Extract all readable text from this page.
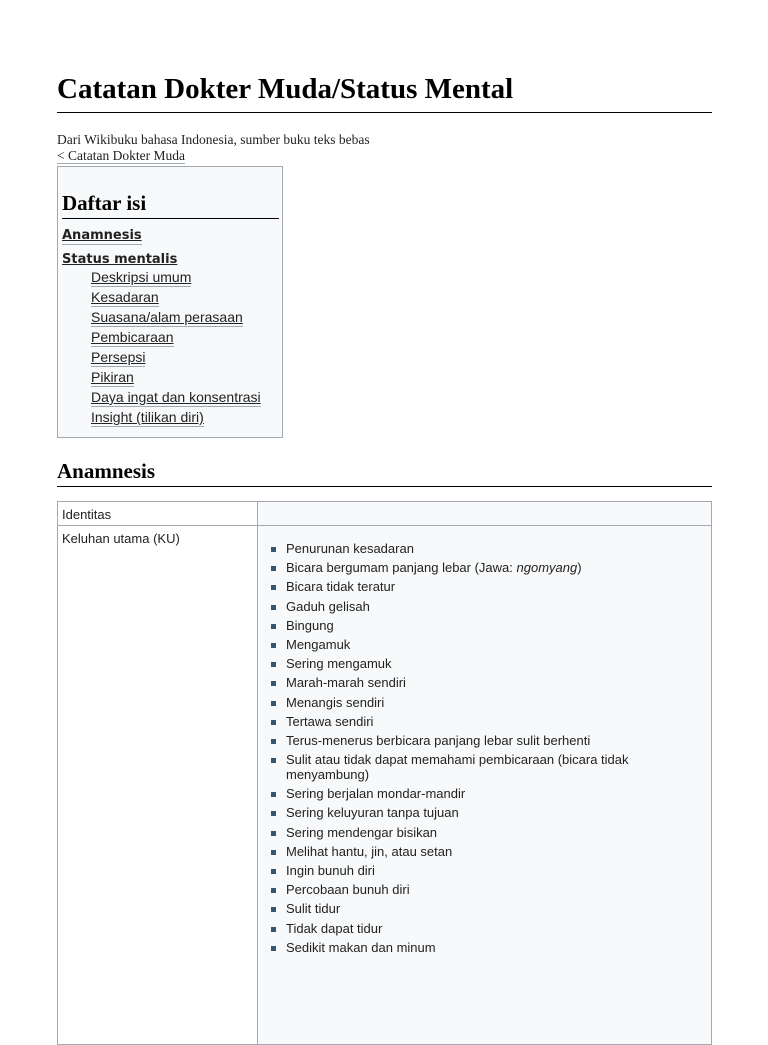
Catatan Dokter Muda/Status Mental
Dari Wikibuku bahasa Indonesia, sumber buku teks bebas
< Catatan Dokter Muda
Daftar isi
Anamnesis
Status mentalis
Deskripsi umum
Kesadaran
Suasana/alam perasaan
Pembicaraan
Persepsi
Pikiran
Daya ingat dan konsentrasi
Insight (tilikan diri)
Anamnesis
Identitas
Keluhan utama (KU)
Penurunan kesadaran
Bicara bergumam panjang lebar (Jawa: ngomyang)
Bicara tidak teratur
Gaduh gelisah
Bingung
Mengamuk
Sering mengamuk
Marah-marah sendiri
Menangis sendiri
Tertawa sendiri
Terus-menerus berbicara panjang lebar sulit berhenti
Sulit atau tidak dapat memahami pembicaraan (bicara tidak menyambung)
Sering berjalan mondar-mandir
Sering keluyuran tanpa tujuan
Sering mendengar bisikan
Melihat hantu, jin, atau setan
Ingin bunuh diri
Percobaan bunuh diri
Sulit tidur
Tidak dapat tidur
Sedikit makan dan minum
